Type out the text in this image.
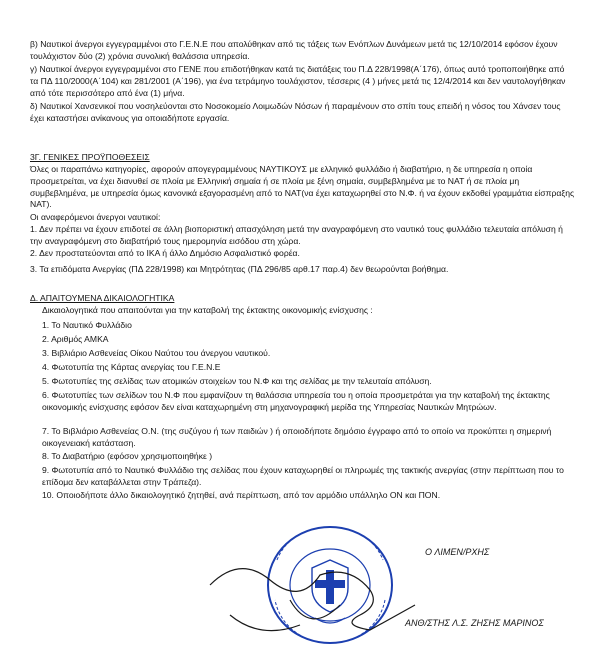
β) Ναυτικοί άνεργοι εγγεγραμμένοι στο Γ.Ε.Ν.Ε που απολύθηκαν από τις τάξεις των Ενόπλων Δυνάμεων μετά τις 12/10/2014 εφόσον έχουν τουλάχιστον δύο (2) χρόνια συνολική θαλάσσια υπηρεσία.

γ) Ναυτικοί άνεργοι εγγεγραμμένοι στο ΓΕΝΕ που επιδοτήθηκαν κατά τις διατάξεις του Π.Δ 228/1998(Α΄176), όπως αυτό τροποποιήθηκε από τα ΠΔ 110/2000(Α΄104) και 281/2001 (Α΄196), για ένα τετράμηνο τουλάχιστον, τέσσερις (4 ) μήνες μετά τις 12/4/2014 και δεν ναυτολογήθηκαν από τότε περισσότερο από ένα (1) μήνα.

δ) Ναυτικοί Χανσενικοί που νοσηλεύονται στο Νοσοκομείο Λοιμωδών Νόσων ή παραμένουν στο σπίτι τους επειδή η νόσος του Χάνσεν τους έχει καταστήσει ανίκανους για οποιαδήποτε εργασία.

3Γ. ΓΕΝΙΚΕΣ ΠΡΟΫΠΟΘΕΣΕΙΣ

Όλες οι παραπάνω κατηγορίες, αφορούν απογεγραμμένους ΝΑΥΤΙΚΟΥΣ με ελληνικό φυλλάδιο ή διαβατήριο, η δε υπηρεσία η οποία προσμετρείται, να έχει διανυθεί σε πλοία με Ελληνική σημαία ή σε πλοία με ξένη σημαία, συμβεβλημένα με το ΝΑΤ ή σε πλοία μη συμβεβλημένα, με υπηρεσία όμως κανονικά εξαγορασμένη από το ΝΑΤ(να έχει καταχωρηθεί στο Ν.Φ. ή να έχουν εκδοθεί γραμμάτια είσπραξης ΝΑΤ).

Οι αναφερόμενοι άνεργοι ναυτικοί:

1. Δεν πρέπει να έχουν επιδοτεί σε άλλη βιοποριστική απασχόληση μετά την αναγραφόμενη στο ναυτικό τους φυλλάδιο τελευταία απόλυση ή την αναγραφόμενη στο διαβατήριό τους ημερομηνία εισόδου στη χώρα.

2. Δεν προστατεύονται από το ΙΚΑ ή άλλο Δημόσιο Ασφαλιστικό φορέα.

3. Τα επιδόματα Ανεργίας (ΠΔ 228/1998) και Μητρότητας (ΠΔ 296/85 αρθ.17 παρ.4) δεν θεωρούνται βοήθημα.

Δ. ΑΠΑΙΤΟΥΜΕΝΑ ΔΙΚΑΙΟΛΟΓΗΤΙΚΑ

Δικαιολογητικά που απαιτούνται για την καταβολή της έκτακτης οικονομικής ενίσχυσης :

1. Το Ναυτικό Φυλλάδιο

2. Αριθμός ΑΜΚΑ

3. Βιβλιάριο Ασθενείας Οίκου Ναύτου του άνεργου ναυτικού.

4. Φωτοτυπία της Κάρτας ανεργίας του Γ.Ε.Ν.Ε

5. Φωτοτυπίες της σελίδας των ατομικών στοιχείων του Ν.Φ και της σελίδας με την τελευταία απόλυση.

6. Φωτοτυπίες των σελίδων του Ν.Φ που εμφανίζουν τη θαλάσσια υπηρεσία του η οποία προσμετράται για την καταβολή της έκτακτης οικονομικής ενίσχυσης εφόσον δεν είναι καταχωρημένη στη μηχανογραφική μερίδα της Υπηρεσίας Ναυτικών Μητρώων.

7. Το Βιβλιάριο Ασθενείας Ο.Ν. (της συζύγου ή των παιδιών ) ή οποιοδήποτε δημόσιο έγγραφο από το οποίο να προκύπτει η σημερινή οικογενειακή κατάσταση.

8. Το Διαβατήριο (εφόσον χρησιμοποιηθήκε )

9. Φωτοτυπία από το Ναυτικό Φυλλάδιο της σελίδας που έχουν καταχωρηθεί οι πληρωμές της τακτικής ανεργίας (στην περίπτωση που το επίδομα δεν καταβάλλεται στην Τράπεζα).

10. Οποιοδήποτε άλλο δικαιολογητικό ζητηθεί, ανά περίπτωση, από τον αρμόδιο υπάλληλο ΟΝ και ΠΟΝ.

Ο ΛΙΜΕΝ/ΡΧΗΣ
ΑΝΘ/ΣΤΗΣ Λ.Σ. ΖΗΣΗΣ ΜΑΡΙΝΟΣ
